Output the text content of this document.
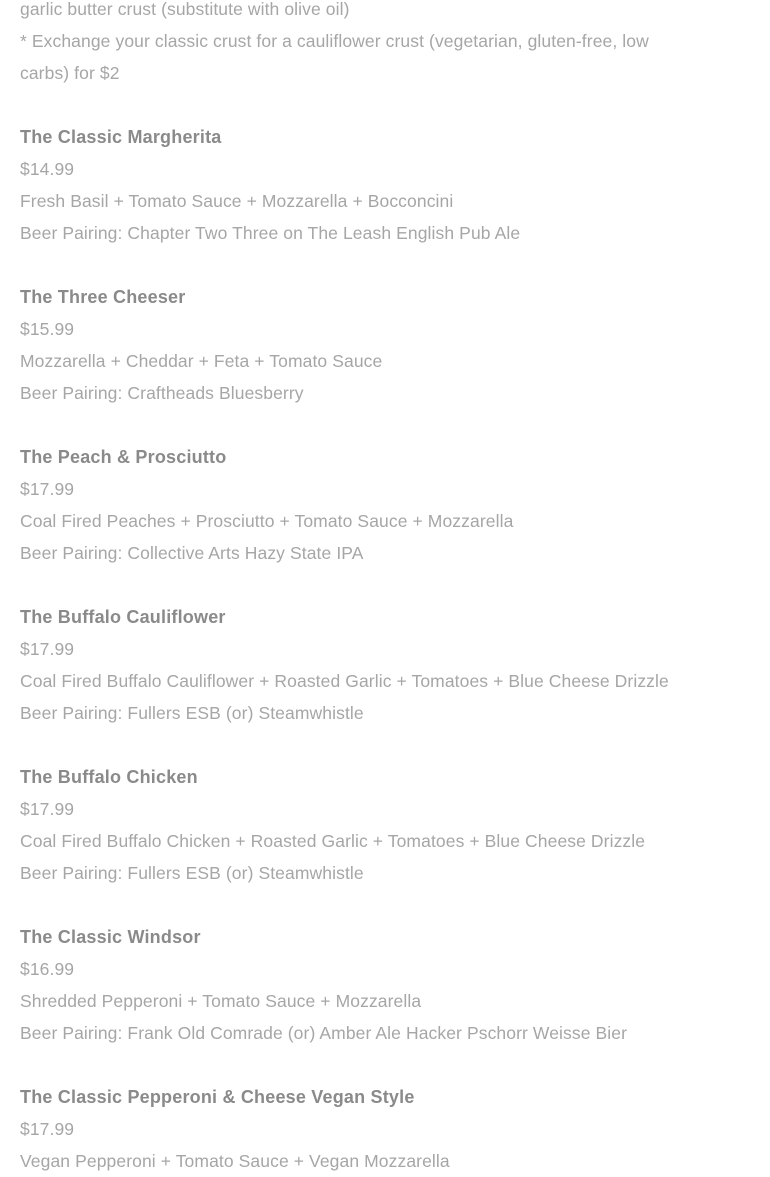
garlic butter crust (substitute with olive oil)

* Exchange your classic crust for a cauliflower crust (vegetarian, gluten-free, low

carbs) for $2

The Classic Margherita

$14.99

Fresh Basil + Tomato Sauce + Mozzarella + Bocconcini

Beer Pairing: Chapter Two Three on The Leash English Pub Ale

The Three Cheeser

$15.99

Mozzarella + Cheddar + Feta + Tomato Sauce

Beer Pairing: Craftheads Bluesberry

The Peach & Prosciutto

$17.99

Coal Fired Peaches + Prosciutto + Tomato Sauce + Mozzarella

Beer Pairing: Collective Arts Hazy State IPA

The Buffalo Cauliflower

$17.99

Coal Fired Buffalo Cauliflower + Roasted Garlic + Tomatoes + Blue Cheese Drizzle

Beer Pairing: Fullers ESB (or) Steamwhistle

The Buffalo Chicken

$17.99

Coal Fired Buffalo Chicken + Roasted Garlic + Tomatoes + Blue Cheese Drizzle

Beer Pairing: Fullers ESB (or) Steamwhistle

The Classic Windsor

$16.99

Shredded Pepperoni + Tomato Sauce + Mozzarella

Beer Pairing: Frank Old Comrade (or) Amber Ale Hacker Pschorr Weisse Bier

The Classic Pepperoni & Cheese Vegan Style

$17.99

Vegan Pepperoni + Tomato Sauce + Vegan Mozzarella
